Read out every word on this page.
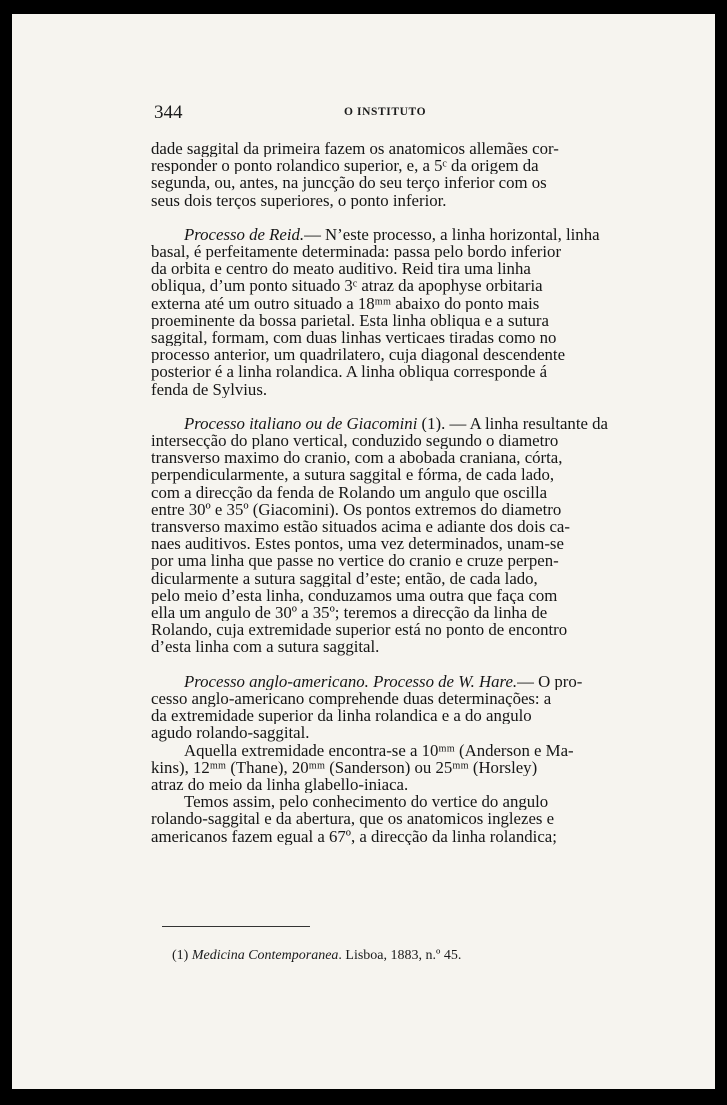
344	O INSTITUTO
dade saggital da primeira fazem os anatomicos allemães cor-
responder o ponto rolandico superior, e, a 5ᶜ da origem da
segunda, ou, antes, na juncção do seu terço inferior com os
seus dois terços superiores, o ponto inferior.
Processo de Reid.— N’este processo, a linha horizontal, linha
basal, é perfeitamente determinada: passa pelo bordo inferior
da orbita e centro do meato auditivo. Reid tira uma linha
obliqua, d’um ponto situado 3ᶜ atraz da apophyse orbitaria
externa até um outro situado a 18ᵐᵐ abaixo do ponto mais
proeminente da bossa parietal. Esta linha obliqua e a sutura
saggital, formam, com duas linhas verticaes tiradas como no
processo anterior, um quadrilatero, cuja diagonal descendente
posterior é a linha rolandica. A linha obliqua corresponde á
fenda de Sylvius.
Processo italiano ou de Giacomini (1). — A linha resultante da
intersecção do plano vertical, conduzido segundo o diametro
transverso maximo do cranio, com a abobada craniana, córta,
perpendicularmente, a sutura saggital e fórma, de cada lado,
com a direcção da fenda de Rolando um angulo que oscilla
entre 30º e 35º (Giacomini). Os pontos extremos do diametro
transverso maximo estão situados acima e adiante dos dois ca-
naes auditivos. Estes pontos, uma vez determinados, unam-se
por uma linha que passe no vertice do cranio e cruze perpen-
dicularmente a sutura saggital d’este; então, de cada lado,
pelo meio d’esta linha, conduzamos uma outra que faça com
ella um angulo de 30º a 35º; teremos a direcção da linha de
Rolando, cuja extremidade superior está no ponto de encontro
d’esta linha com a sutura saggital.
Processo anglo-americano. Processo de W. Hare.— O pro-
cesso anglo-americano comprehende duas determinações: a
da extremidade superior da linha rolandica e a do angulo
agudo rolando-saggital.
Aquella extremidade encontra-se a 10ᵐᵐ (Anderson e Ma-
kins), 12ᵐᵐ (Thane), 20ᵐᵐ (Sanderson) ou 25ᵐᵐ (Horsley)
atraz do meio da linha glabello-iniaca.
Temos assim, pelo conhecimento do vertice do angulo
rolando-saggital e da abertura, que os anatomicos inglezes e
americanos fazem egual a 67º, a direcção da linha rolandica;
(1) Medicina Contemporanea. Lisboa, 1883, n.º 45.
